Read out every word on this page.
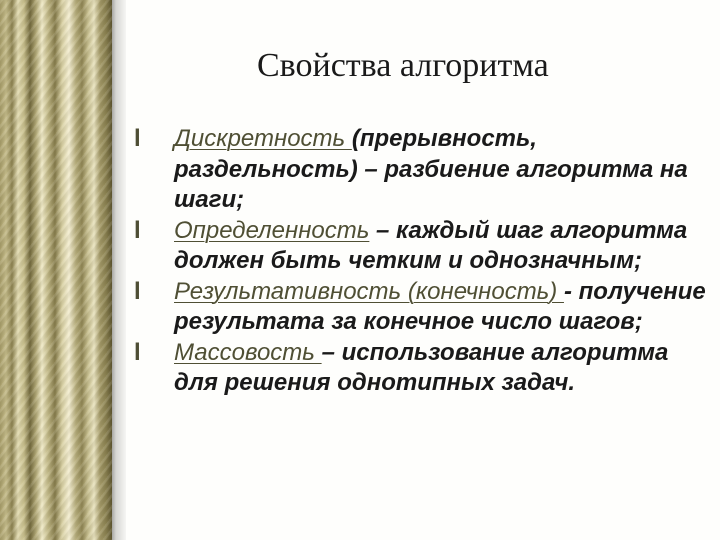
Свойства алгоритма
l Дискретность (прерывность, раздельность) – разбиение алгоритма на шаги;
l Определенность – каждый шаг алгоритма должен быть четким и однозначным;
l Результативность (конечность) - получение результата за конечное число шагов;
l Массовость – использование алгоритма для решения однотипных задач.
